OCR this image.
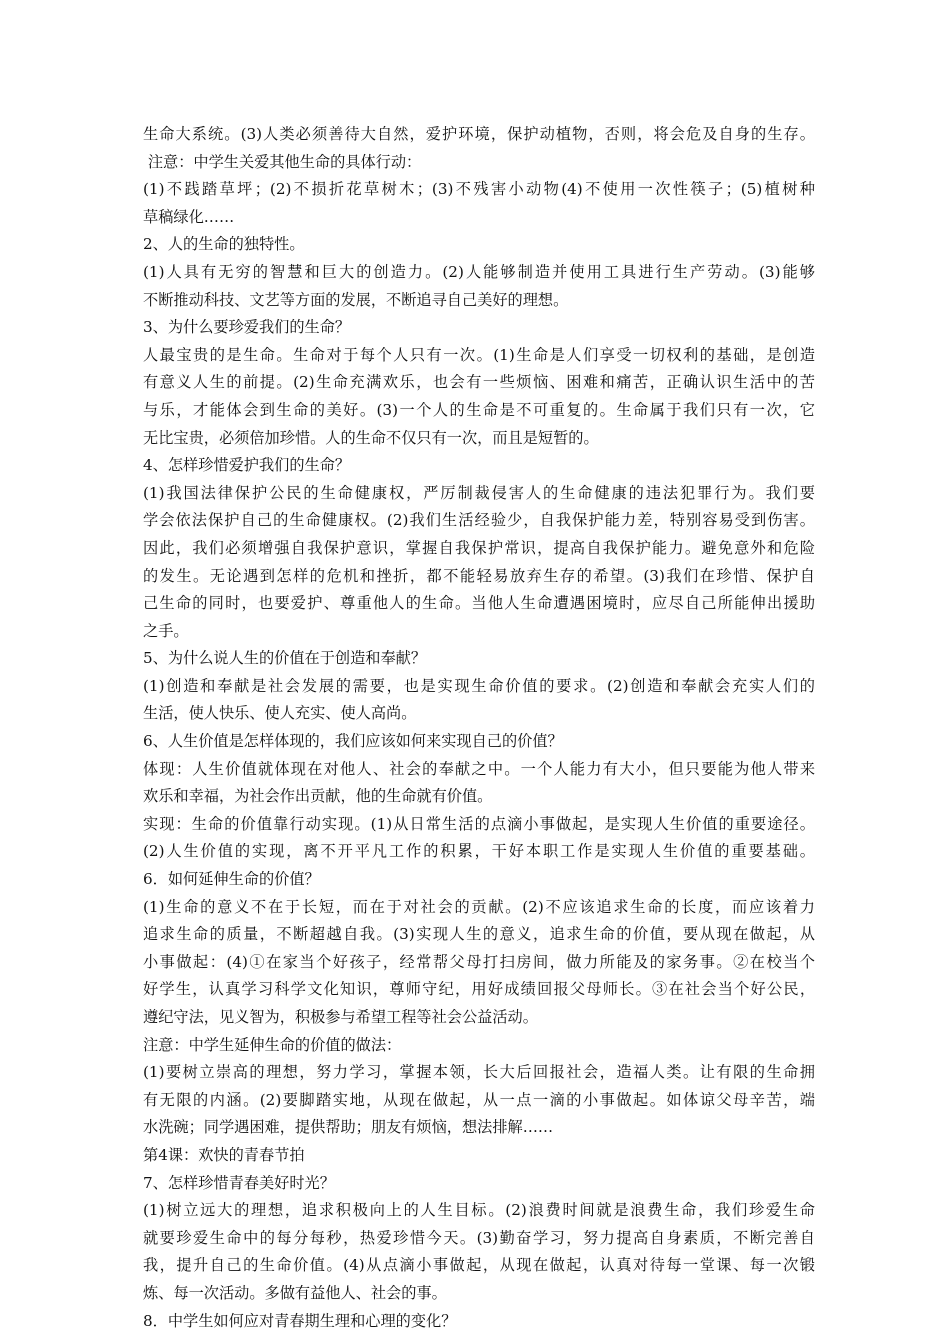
生命大系统。(3)人类必须善待大自然，爱护环境，保护动植物，否则，将会危及自身的生存。
注意：中学生关爱其他生命的具体行动：
(1)不践踏草坪；(2)不损折花草树木；(3)不残害小动物(4)不使用一次性筷子；(5)植树种
草稿绿化……
2、人的生命的独特性。
(1)人具有无穷的智慧和巨大的创造力。(2)人能够制造并使用工具进行生产劳动。(3)能够
不断推动科技、文艺等方面的发展，不断追寻自己美好的理想。
3、为什么要珍爱我们的生命？
人最宝贵的是生命。生命对于每个人只有一次。(1)生命是人们享受一切权利的基础，是创造
有意义人生的前提。(2)生命充满欢乐，也会有一些烦恼、困难和痛苦，正确认识生活中的苦
与乐，才能体会到生命的美好。(3)一个人的生命是不可重复的。生命属于我们只有一次，它
无比宝贵，必须倍加珍惜。人的生命不仅只有一次，而且是短暂的。
4、怎样珍惜爱护我们的生命？
(1)我国法律保护公民的生命健康权，严厉制裁侵害人的生命健康的违法犯罪行为。我们要
学会依法保护自己的生命健康权。(2)我们生活经验少，自我保护能力差，特别容易受到伤害。
因此，我们必须增强自我保护意识，掌握自我保护常识，提高自我保护能力。避免意外和危险
的发生。无论遇到怎样的危机和挫折，都不能轻易放弃生存的希望。(3)我们在珍惜、保护自
己生命的同时，也要爱护、尊重他人的生命。当他人生命遭遇困境时，应尽自己所能伸出援助
之手。
5、为什么说人生的价值在于创造和奉献？
(1)创造和奉献是社会发展的需要，也是实现生命价值的要求。(2)创造和奉献会充实人们的
生活，使人快乐、使人充实、使人高尚。
6、人生价值是怎样体现的，我们应该如何来实现自己的价值？
体现：人生价值就体现在对他人、社会的奉献之中。一个人能力有大小，但只要能为他人带来
欢乐和幸福，为社会作出贡献，他的生命就有价值。
实现：生命的价值靠行动实现。(1)从日常生活的点滴小事做起，是实现人生价值的重要途径。
(2)人生价值的实现，离不开平凡工作的积累，干好本职工作是实现人生价值的重要基础。
6．如何延伸生命的价值？
(1)生命的意义不在于长短，而在于对社会的贡献。(2)不应该追求生命的长度，而应该着力
追求生命的质量，不断超越自我。(3)实现人生的意义，追求生命的价值，要从现在做起，从
小事做起：(4)①在家当个好孩子，经常帮父母打扫房间，做力所能及的家务事。②在校当个
好学生，认真学习科学文化知识，尊师守纪，用好成绩回报父母师长。③在社会当个好公民，
遵纪守法，见义智为，积极参与希望工程等社会公益活动。
注意：中学生延伸生命的价值的做法：
(1)要树立崇高的理想，努力学习，掌握本领，长大后回报社会，造福人类。让有限的生命拥
有无限的内涵。(2)要脚踏实地，从现在做起，从一点一滴的小事做起。如体谅父母辛苦，端
水洗碗；同学遇困难，提供帮助；朋友有烦恼，想法排解……
第4课：欢快的青春节拍
7、怎样珍惜青春美好时光？
(1)树立远大的理想，追求积极向上的人生目标。(2)浪费时间就是浪费生命，我们珍爱生命
就要珍爱生命中的每分每秒，热爱珍惜今天。(3)勤奋学习，努力提高自身素质，不断完善自
我，提升自己的生命价值。(4)从点滴小事做起，从现在做起，认真对待每一堂课、每一次锻
炼、每一次活动。多做有益他人、社会的事。
8．中学生如何应对青春期生理和心理的变化？
